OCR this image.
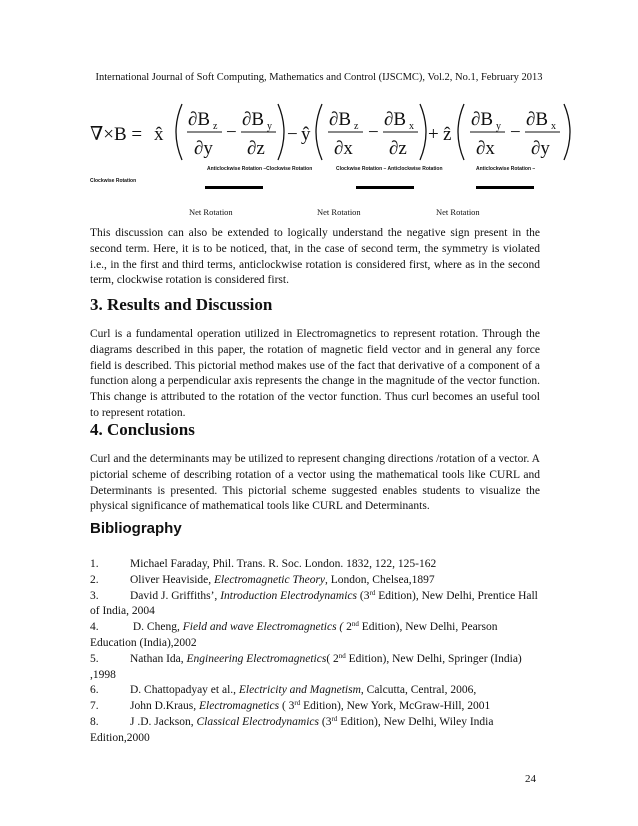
International Journal of Soft Computing, Mathematics and Control (IJSCMC), Vol.2, No.1, February 2013
∇×B = x̂
∂B z
∂y
−
∂B y
∂z
− ŷ
∂B z
∂x
−
∂B x
∂z
+ ẑ
∂B y
∂x
−
∂B x
∂y
Anticlockwise Rotation –Clockwise Rotation	Clockwise Rotation – Anticlockwise Rotation	Anticlockwise Rotation –
Clockwise Rotation
Net Rotation	Net Rotation	Net Rotation

This discussion can also be extended to logically understand the negative sign present in the second term. Here, it is to be noticed, that, in the case of second term, the symmetry is violated i.e., in the first and third terms, anticlockwise rotation is considered first, where as in the second term, clockwise rotation is considered first.

3. Results and Discussion

Curl is a fundamental operation utilized in Electromagnetics to represent rotation. Through the diagrams described in this paper, the rotation of magnetic field vector and in general any force field is described. This pictorial method makes use of the fact that derivative of a component of a function along a perpendicular axis represents the change in the magnitude of the vector function. This change is attributed to the rotation of the vector function. Thus curl becomes an useful tool to represent rotation.

4. Conclusions

Curl and the determinants may be utilized to represent changing directions /rotation of a vector. A pictorial scheme of describing rotation of a vector using the mathematical tools like CURL and Determinants is presented. This pictorial scheme suggested enables students to visualize the physical significance of mathematical tools like CURL and Determinants.

Bibliography
1.	Michael Faraday, Phil. Trans. R. Soc. London. 1832, 122, 125-162
2.	Oliver Heaviside, Electromagnetic Theory, London, Chelsea,1897
3.	David J. Griffiths’, Introduction Electrodynamics (3rd Edition), New Delhi, Prentice Hall
of India, 2004
4.	D. Cheng, Field and wave Electromagnetics ( 2nd Edition), New Delhi, Pearson
Education (India),2002
5.	Nathan Ida, Engineering Electromagnetics( 2nd Edition), New Delhi, Springer (India)
,1998
6.	D. Chattopadyay et al., Electricity and Magnetism, Calcutta, Central, 2006,
7.	John D.Kraus, Electromagnetics ( 3rd Edition), New York, McGraw-Hill, 2001
8.	J .D. Jackson, Classical Electrodynamics (3rd Edition), New Delhi, Wiley India
Edition,2000
24
